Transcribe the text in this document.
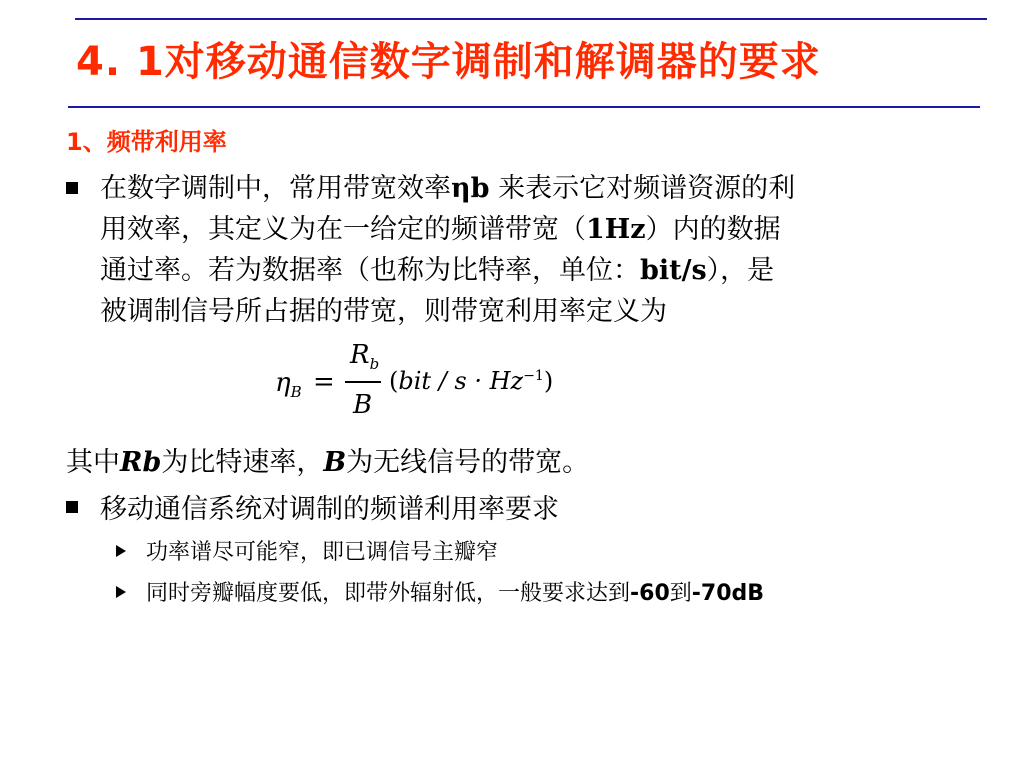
4. 1对移动通信数字调制和解调器的要求
1、频带利用率
在数字调制中，常用带宽效率ηb 来表示它对频谱资源的利
用效率，其定义为在一给定的频谱带宽（1Hz）内的数据
通过率。若为数据率（也称为比特率，单位：bit/s），是
被调制信号所占据的带宽，则带宽利用率定义为
$\eta_B$ =
$R_b$
B
$(bit / s \cdot Hz^{-1})$
其中Rb为比特速率，B为无线信号的带宽。
移动通信系统对调制的频谱利用率要求
功率谱尽可能窄，即已调信号主瓣窄
同时旁瓣幅度要低，即带外辐射低，一般要求达到-60到-70dB
